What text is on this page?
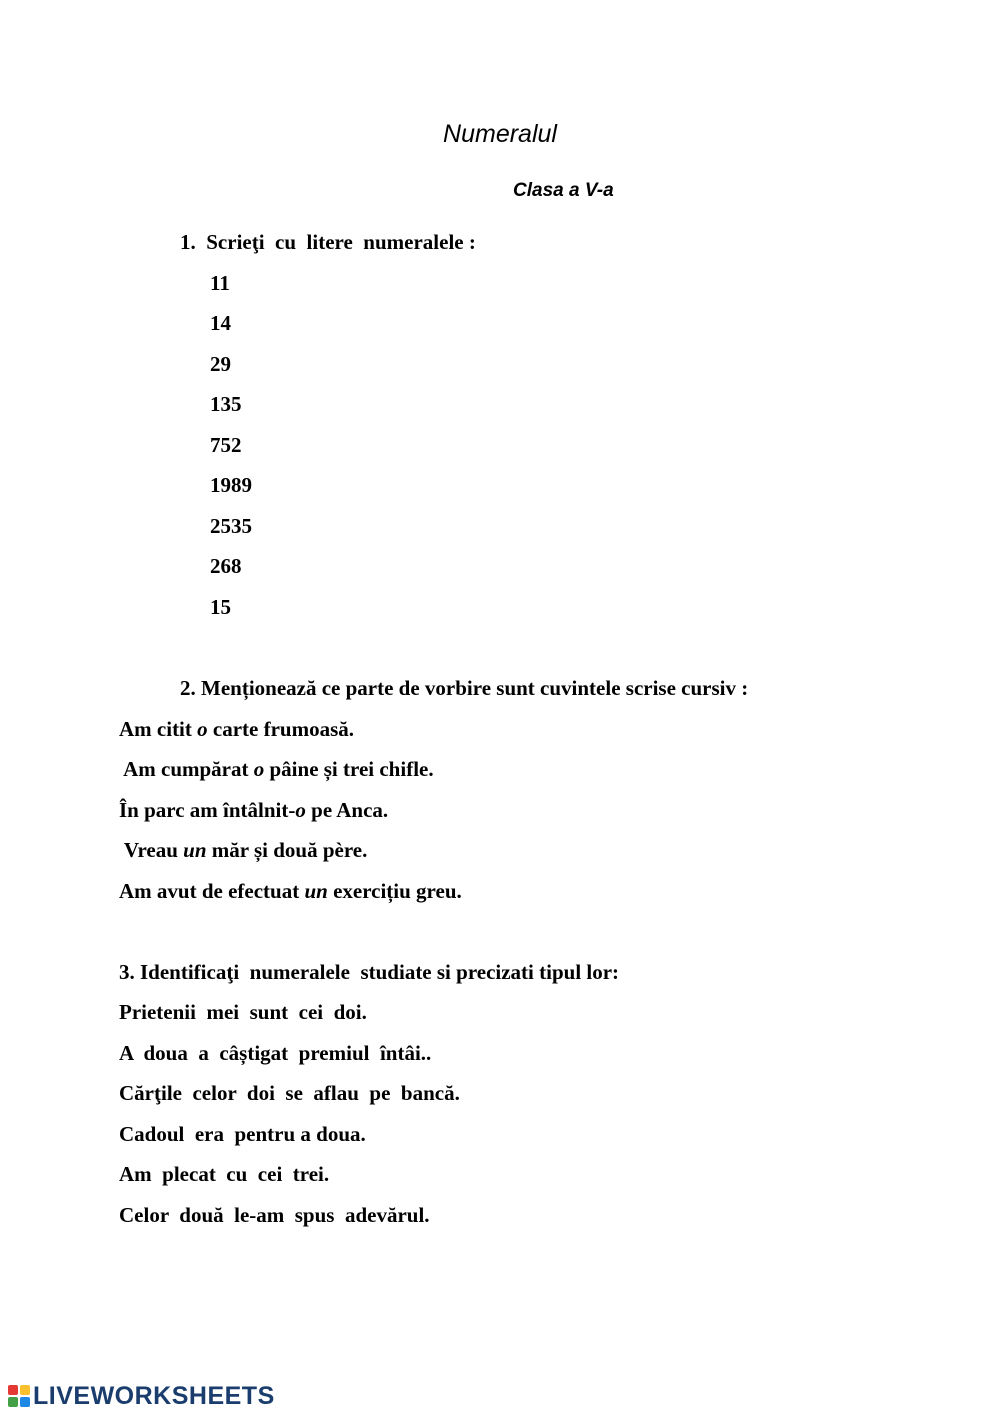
Numeralul
Clasa a V-a
1.  Scrieţi  cu  litere  numeralele :
11
14
29
135
752
1989
2535
268
15
2. Menționează ce parte de vorbire sunt cuvintele scrise cursiv :
Am citit o carte frumoasă.
Am cumpărat o pâine și trei chifle.
În parc am întâlnit-o pe Anca.
Vreau un măr și două père.
Am avut de efectuat un exercițiu greu.
3. Identificaţi  numeralele  studiate si precizati tipul lor:
Prietenii  mei  sunt  cei  doi.
A  doua  a  câștigat  premiul  întâi..
Cărţile  celor  doi  se  aflau  pe  bancă.
Cadoul  era  pentru a doua.
Am  plecat  cu  cei  trei.
Celor  două  le-am  spus  adevărul.
LIVEWORKSHEETS
